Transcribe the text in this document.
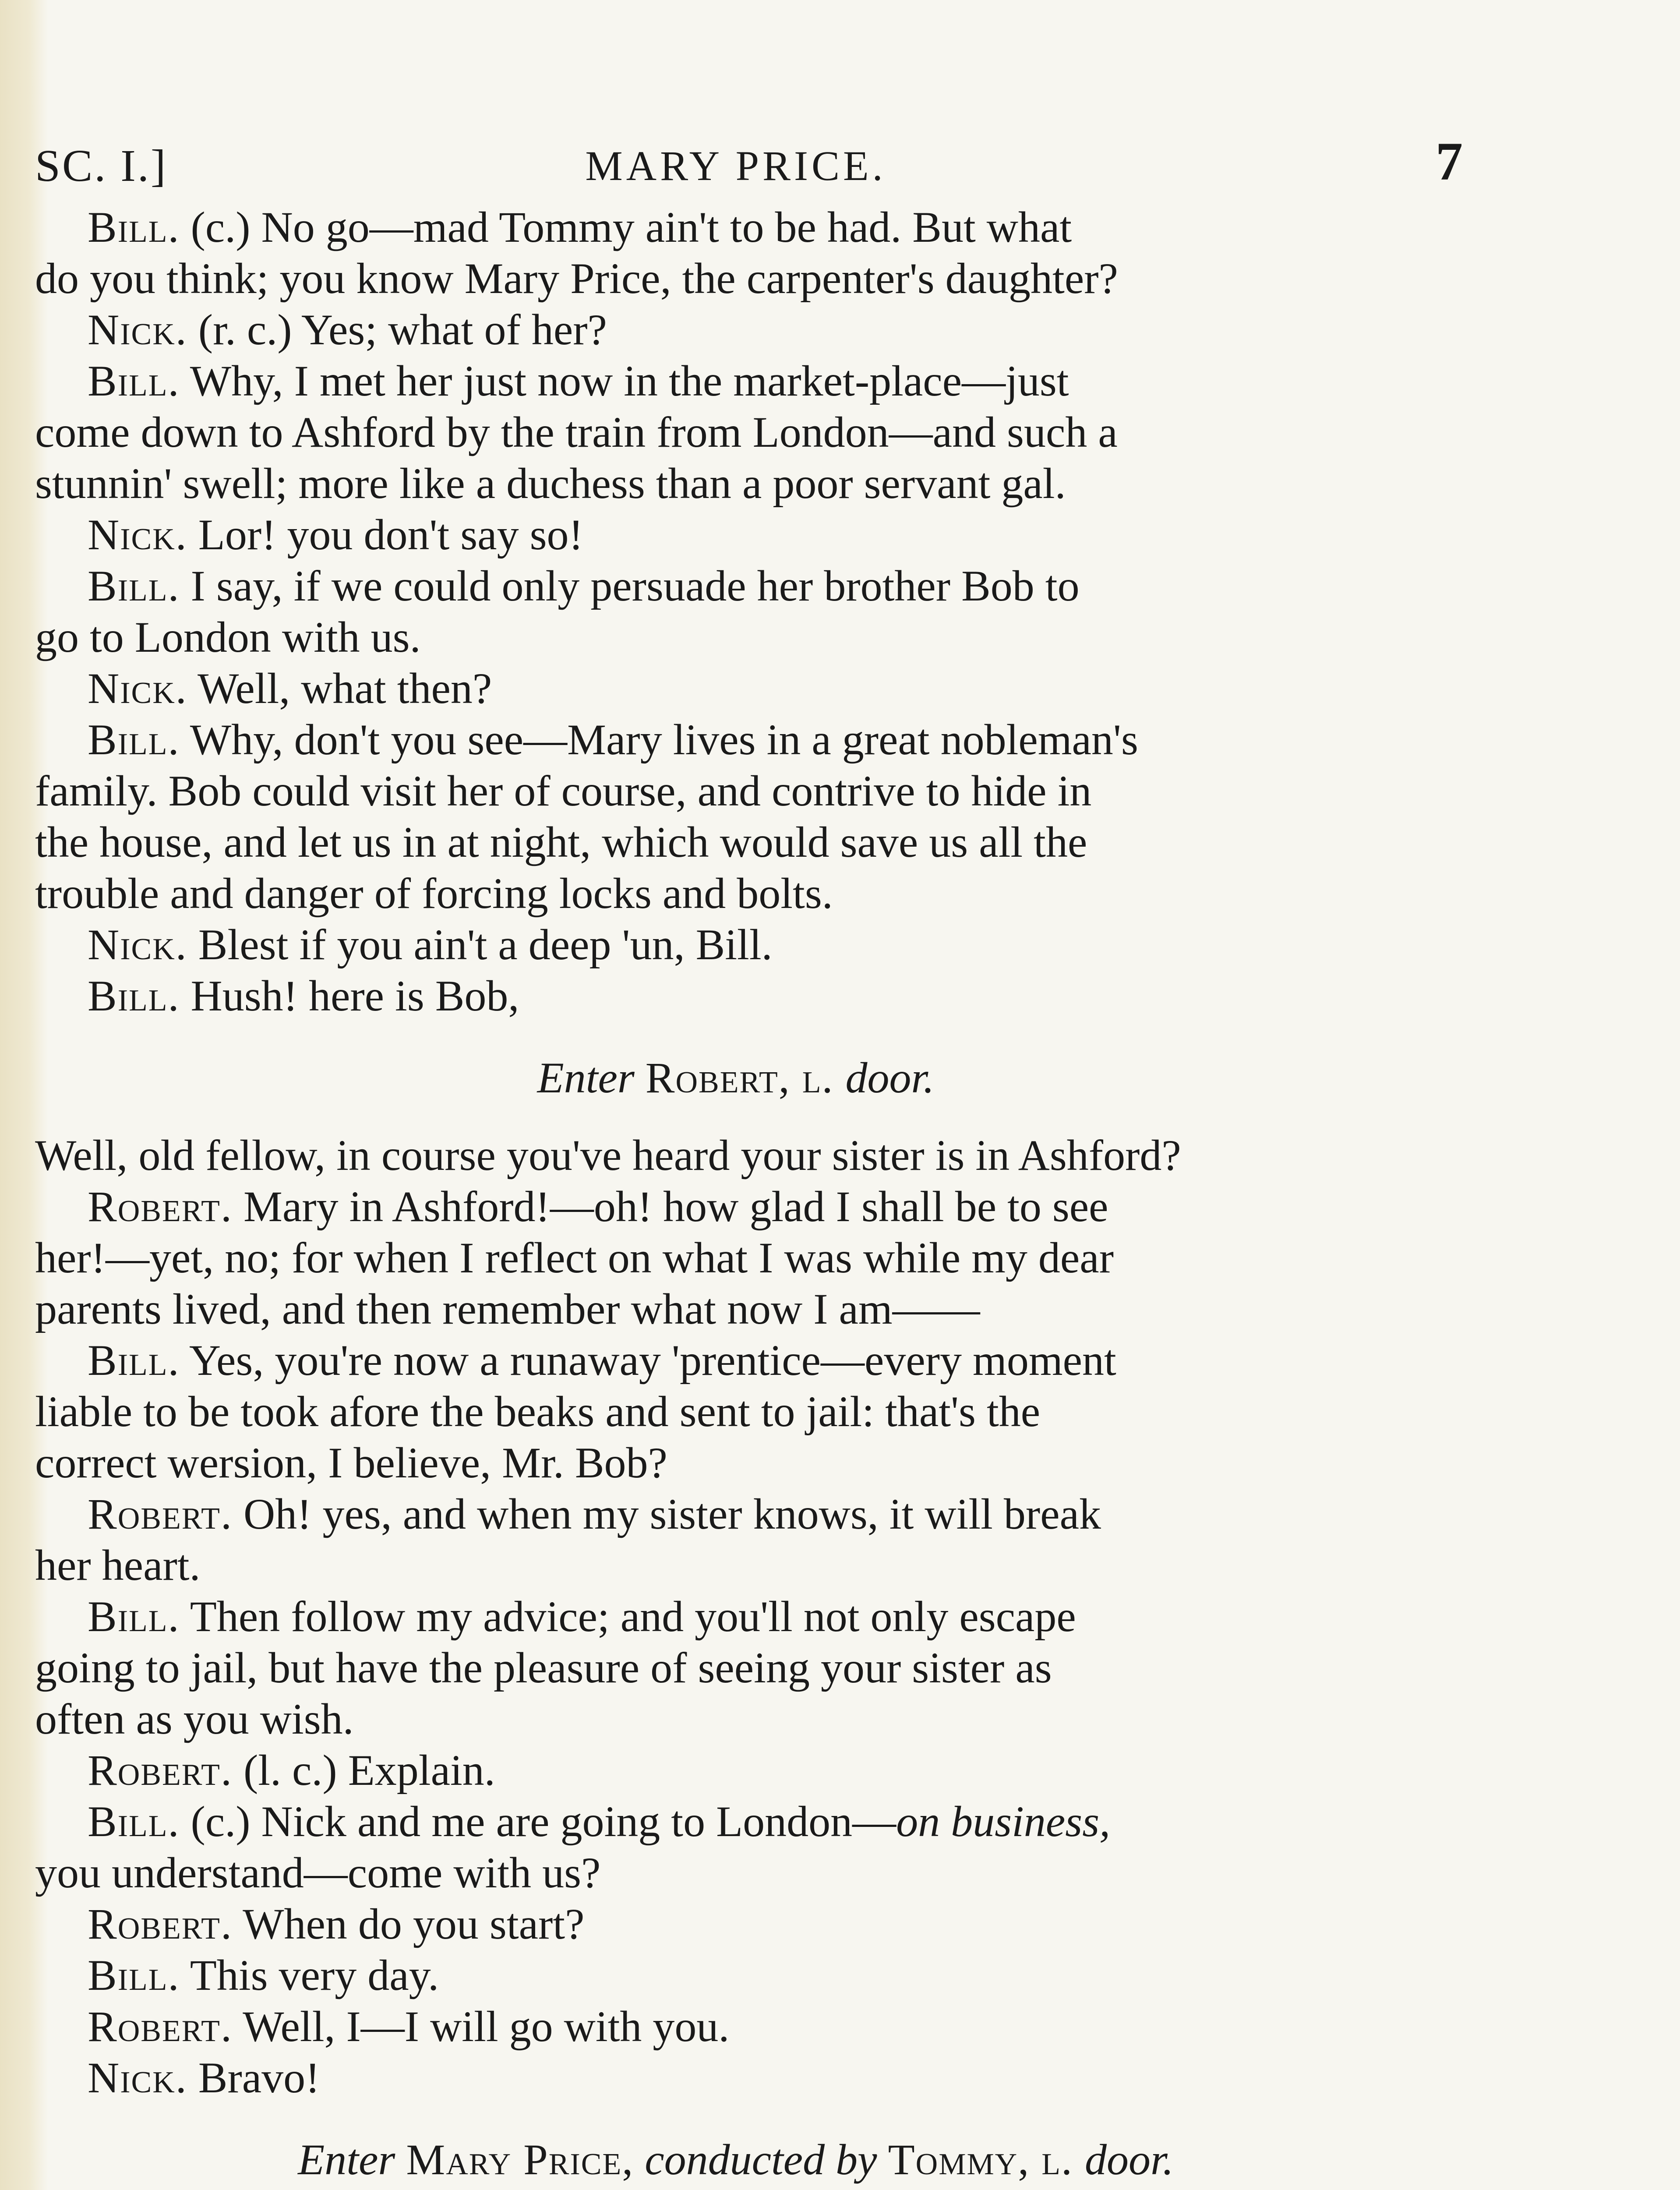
SC. I.]	MARY PRICE.	7
Bill. (c.) No go—mad Tommy ain't to be had. But what
do you think; you know Mary Price, the carpenter's daughter?
Nick. (r. c.) Yes; what of her?
Bill. Why, I met her just now in the market-place—just
come down to Ashford by the train from London—and such a
stunnin' swell; more like a duchess than a poor servant gal.
Nick. Lor! you don't say so!
Bill. I say, if we could only persuade her brother Bob to
go to London with us.
Nick. Well, what then?
Bill. Why, don't you see—Mary lives in a great nobleman's
family. Bob could visit her of course, and contrive to hide in
the house, and let us in at night, which would save us all the
trouble and danger of forcing locks and bolts.
Nick. Blest if you ain't a deep 'un, Bill.
Bill. Hush! here is Bob,
Enter Robert, l. door.
Well, old fellow, in course you've heard your sister is in Ashford?
Robert. Mary in Ashford!—oh! how glad I shall be to see
her!—yet, no; for when I reflect on what I was while my dear
parents lived, and then remember what now I am——
Bill. Yes, you're now a runaway 'prentice—every moment
liable to be took afore the beaks and sent to jail: that's the
correct wersion, I believe, Mr. Bob?
Robert. Oh! yes, and when my sister knows, it will break
her heart.
Bill. Then follow my advice; and you'll not only escape
going to jail, but have the pleasure of seeing your sister as
often as you wish.
Robert. (l. c.) Explain.
Bill. (c.) Nick and me are going to London—on business,
you understand—come with us?
Robert. When do you start?
Bill. This very day.
Robert. Well, I—I will go with you.
Nick. Bravo!
Enter Mary Price, conducted by Tommy, l. door.
